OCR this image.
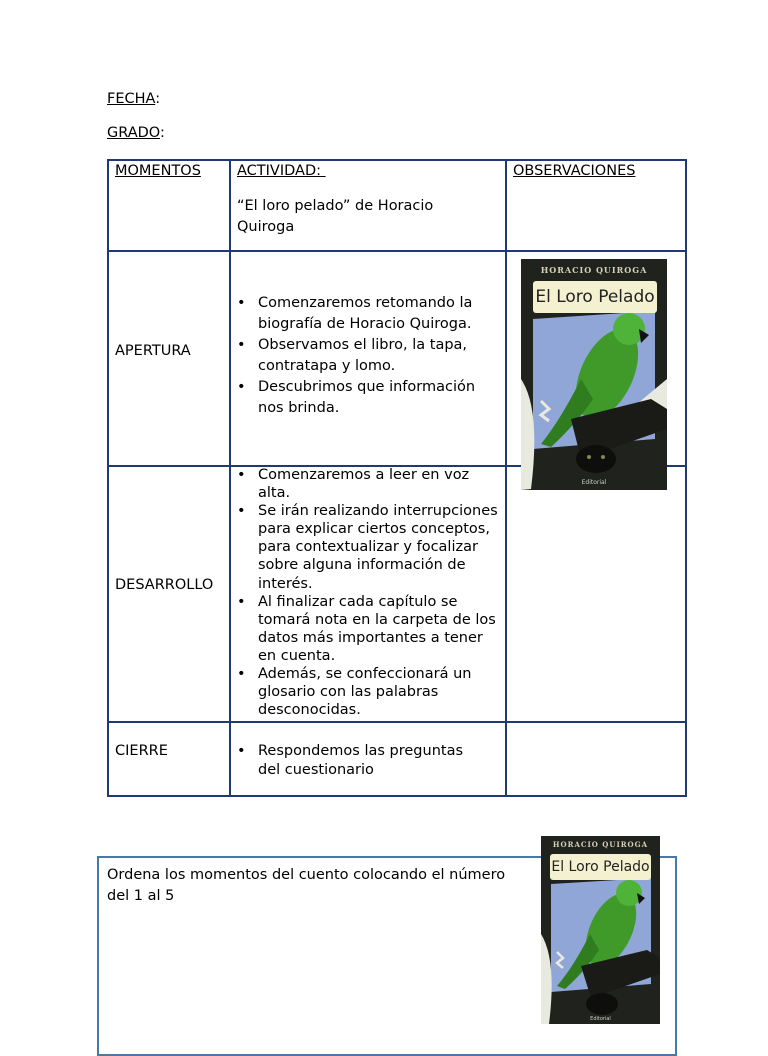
FECHA:
GRADO:
MOMENTOS ACTIVIDAD:
“El loro pelado” de Horacio Quiroga
OBSERVACIONES
APERTURA
• Comenzaremos retomando la biografía de Horacio Quiroga.
• Observamos el libro, la tapa, contratapa y lomo.
• Descubrimos que información nos brinda.
DESARROLLO
• Comenzaremos a leer en voz alta.
• Se irán realizando interrupciones para explicar ciertos conceptos, para contextualizar y focalizar sobre alguna información de interés.
• Al finalizar cada capítulo se tomará nota en la carpeta de los datos más importantes a tener en cuenta.
• Además, se confeccionará un glosario con las palabras desconocidas.
CIERRE
•	Respondemos las preguntas del cuestionario
HORACIO QUIROGA
El Loro Pelado
Editorial
Ordena los momentos del cuento colocando el número del 1 al 5
HORACIO QUIROGA
El Loro Pelado
Editorial
